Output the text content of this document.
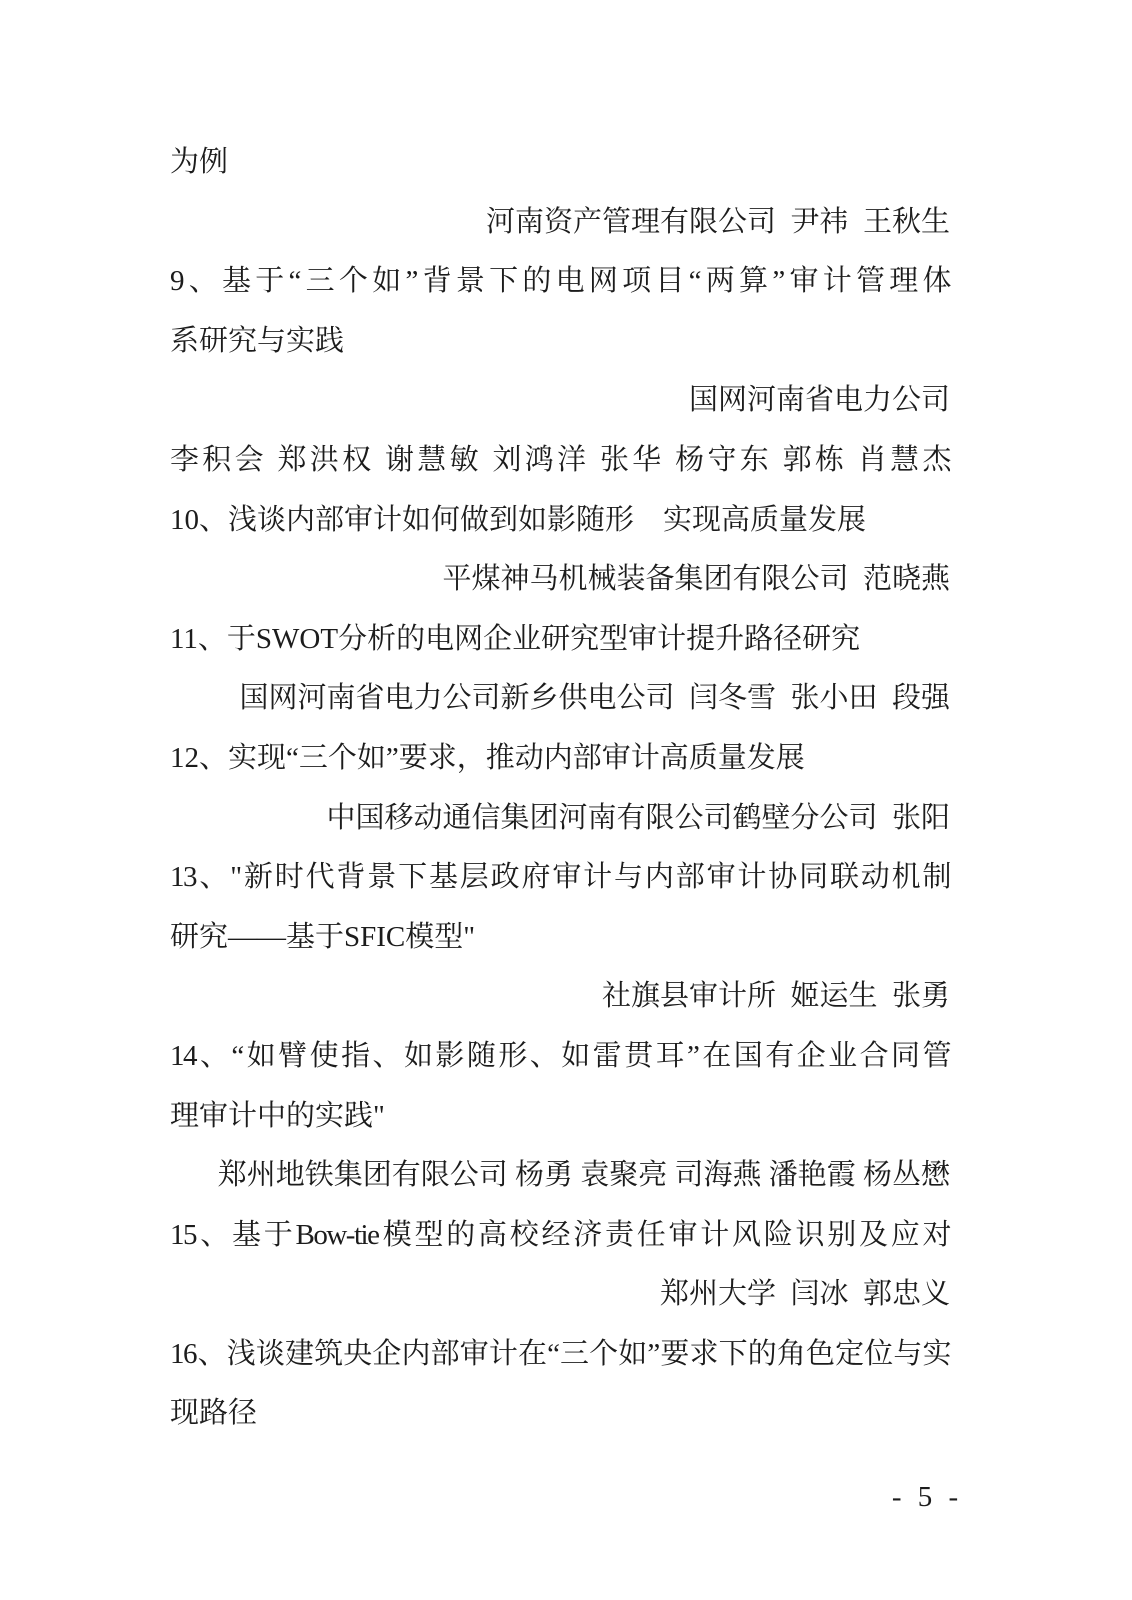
为例
河南资产管理有限公司 尹祎 王秋生
9、基于“三个如”背景下的电网项目“两算”审计管理体
系研究与实践
国网河南省电力公司
李积会 郑洪权 谢慧敏 刘鸿洋 张华 杨守东 郭栋 肖慧杰
10、浅谈内部审计如何做到如影随形　实现高质量发展
平煤神马机械装备集团有限公司 范晓燕
11、于SWOT分析的电网企业研究型审计提升路径研究
国网河南省电力公司新乡供电公司 闫冬雪 张小田 段强
12、实现“三个如”要求，推动内部审计高质量发展
中国移动通信集团河南有限公司鹤壁分公司 张阳
13、"新时代背景下基层政府审计与内部审计协同联动机制
研究——基于SFIC模型"
社旗县审计所 姬运生 张勇
14、“如臂使指、如影随形、如雷贯耳”在国有企业合同管
理审计中的实践"
郑州地铁集团有限公司 杨勇 袁聚亮 司海燕 潘艳霞 杨丛懋
15、基于Bow-tie模型的高校经济责任审计风险识别及应对
郑州大学 闫冰 郭忠义
16、浅谈建筑央企内部审计在“三个如”要求下的角色定位与实
现路径
- 5 -
